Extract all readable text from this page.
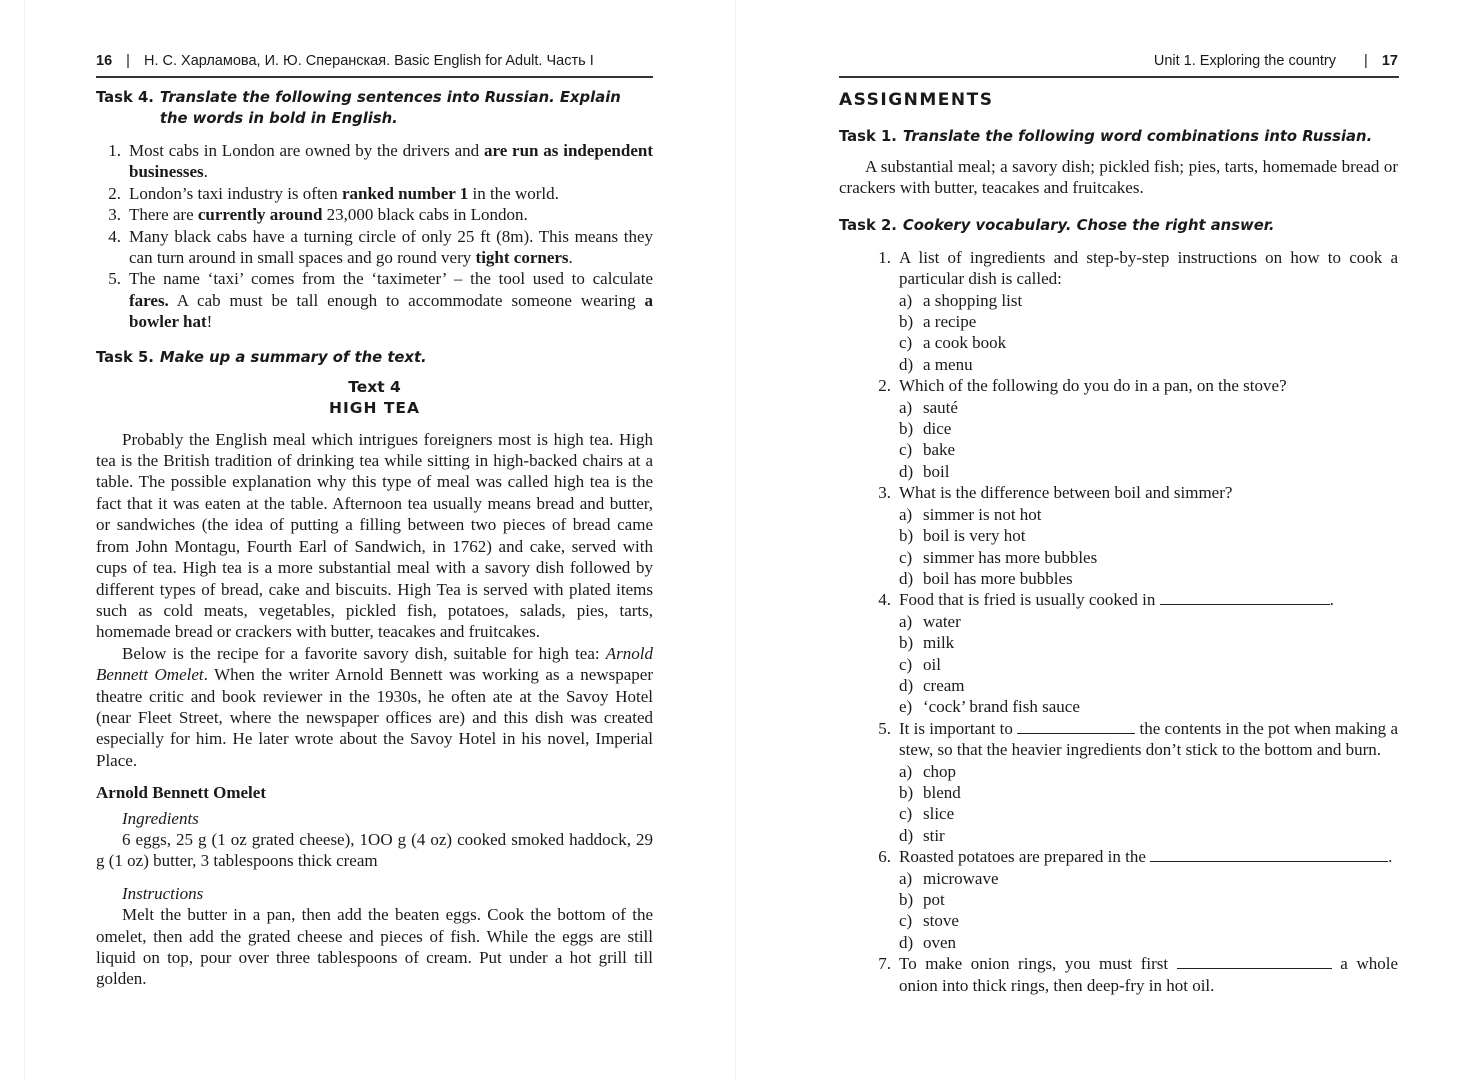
16 | Н. С. Харламова, И. Ю. Сперанская. Basic English for Adult. Часть I
Task 4. Translate the following sentences into Russian. Explain the words in bold in English.
1. Most cabs in London are owned by the drivers and are run as independent businesses.
2. London’s taxi industry is often ranked number 1 in the world.
3. There are currently around 23,000 black cabs in London.
4. Many black cabs have a turning circle of only 25 ft (8m). This means they can turn around in small spaces and go round very tight corners.
5. The name ‘taxi’ comes from the ‘taximeter’ – the tool used to calculate fares. A cab must be tall enough to accommodate someone wearing a bowler hat!
Task 5. Make up a summary of the text.
Text 4
HIGH TEA

Probably the English meal which intrigues foreigners most is high tea. High tea is the British tradition of drinking tea while sitting in high-backed chairs at a table. The possible explanation why this type of meal was called high tea is the fact that it was eaten at the table. Afternoon tea usually means bread and butter, or sandwiches (the idea of putting a filling between two pieces of bread came from John Montagu, Fourth Earl of Sandwich, in 1762) and cake, served with cups of tea. High tea is a more substantial meal with a savory dish followed by different types of bread, cake and biscuits. High Tea is served with plated items such as cold meats, vegetables, pickled fish, potatoes, salads, pies, tarts, homemade bread or crackers with butter, teacakes and fruitcakes.

Below is the recipe for a favorite savory dish, suitable for high tea: Arnold Bennett Omelet. When the writer Arnold Bennett was working as a newspaper theatre critic and book reviewer in the 1930s, he often ate at the Savoy Hotel (near Fleet Street, where the newspaper offices are) and this dish was created especially for him. He later wrote about the Savoy Hotel in his novel, Imperial Place.

Arnold Bennett Omelet
Ingredients

6 eggs, 25 g (1 oz grated cheese), 1OO g (4 oz) cooked smoked haddock, 29 g (1 oz) butter, 3 tablespoons thick cream

Instructions

Melt the butter in a pan, then add the beaten eggs. Cook the bottom of the omelet, then add the grated cheese and pieces of fish. While the eggs are still liquid on top, pour over three tablespoons of cream. Put under a hot grill till golden.

Unit 1. Exploring the country | 17
ASSIGNMENTS
Task 1. Translate the following word combinations into Russian.

A substantial meal; a savory dish; pickled fish; pies, tarts, homemade bread or crackers with butter, teacakes and fruitcakes.

Task 2. Cookery vocabulary. Chose the right answer.
1. A list of ingredients and step-by-step instructions on how to cook a particular dish is called:
a) a shopping list
b) a recipe
c) a cook book
d) a menu
2. Which of the following do you do in a pan, on the stove?
a) sauté
b) dice
c) bake
d) boil
3. What is the difference between boil and simmer?
a) simmer is not hot
b) boil is very hot
c) simmer has more bubbles
d) boil has more bubbles
4. Food that is fried is usually cooked in	.
a) water
b) milk
c) oil
d) cream
e) ‘cock’ brand fish sauce
5. It is important to	the contents in the pot when making a stew, so that the heavier ingredients don’t stick to the bottom and burn.
a) chop
b) blend
c) slice
d) stir
6. Roasted potatoes are prepared in the	.
a) microwave
b) pot
c) stove
d) oven
7. To make onion rings, you must first	a whole onion into thick rings, then deep-fry in hot oil.
